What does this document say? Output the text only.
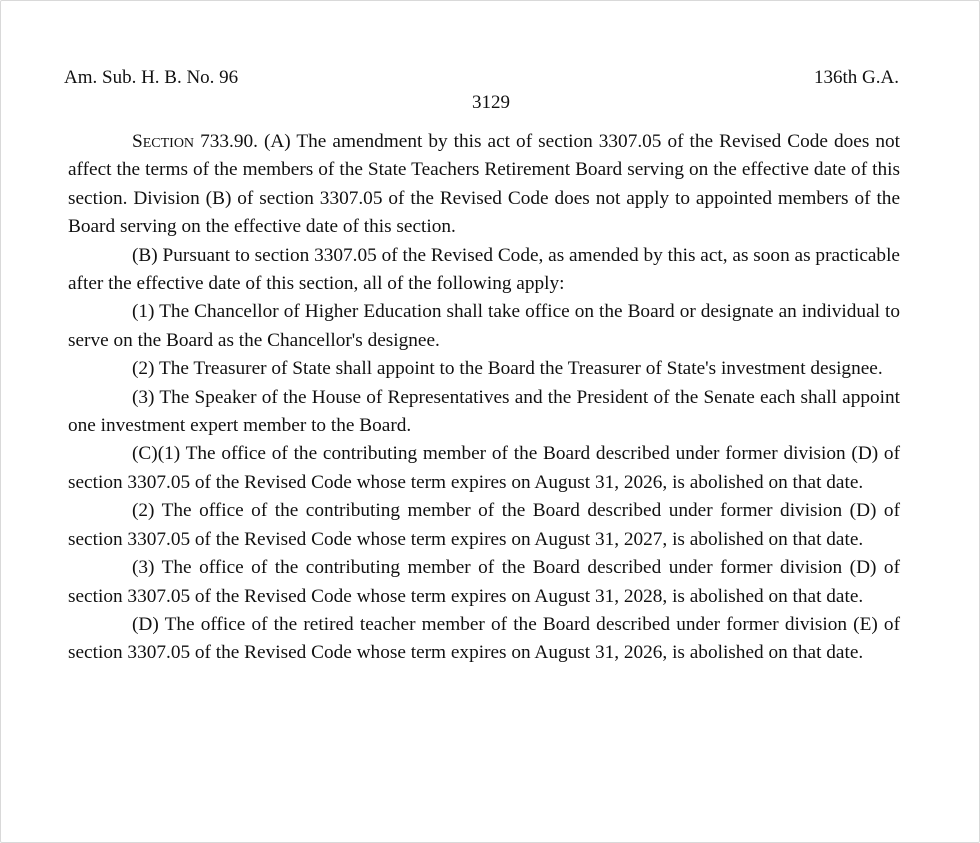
Am. Sub. H. B. No. 96	136th G.A.
3129

Section 733.90. (A) The amendment by this act of section 3307.05 of the Revised Code does not affect the terms of the members of the State Teachers Retirement Board serving on the effective date of this section. Division (B) of section 3307.05 of the Revised Code does not apply to appointed members of the Board serving on the effective date of this section.

(B) Pursuant to section 3307.05 of the Revised Code, as amended by this act, as soon as practicable after the effective date of this section, all of the following apply:

(1) The Chancellor of Higher Education shall take office on the Board or designate an individual to serve on the Board as the Chancellor's designee.

(2) The Treasurer of State shall appoint to the Board the Treasurer of State's investment designee.

(3) The Speaker of the House of Representatives and the President of the Senate each shall appoint one investment expert member to the Board.

(C)(1) The office of the contributing member of the Board described under former division (D) of section 3307.05 of the Revised Code whose term expires on August 31, 2026, is abolished on that date.

(2) The office of the contributing member of the Board described under former division (D) of section 3307.05 of the Revised Code whose term expires on August 31, 2027, is abolished on that date.

(3) The office of the contributing member of the Board described under former division (D) of section 3307.05 of the Revised Code whose term expires on August 31, 2028, is abolished on that date.

(D) The office of the retired teacher member of the Board described under former division (E) of section 3307.05 of the Revised Code whose term expires on August 31, 2026, is abolished on that date.
